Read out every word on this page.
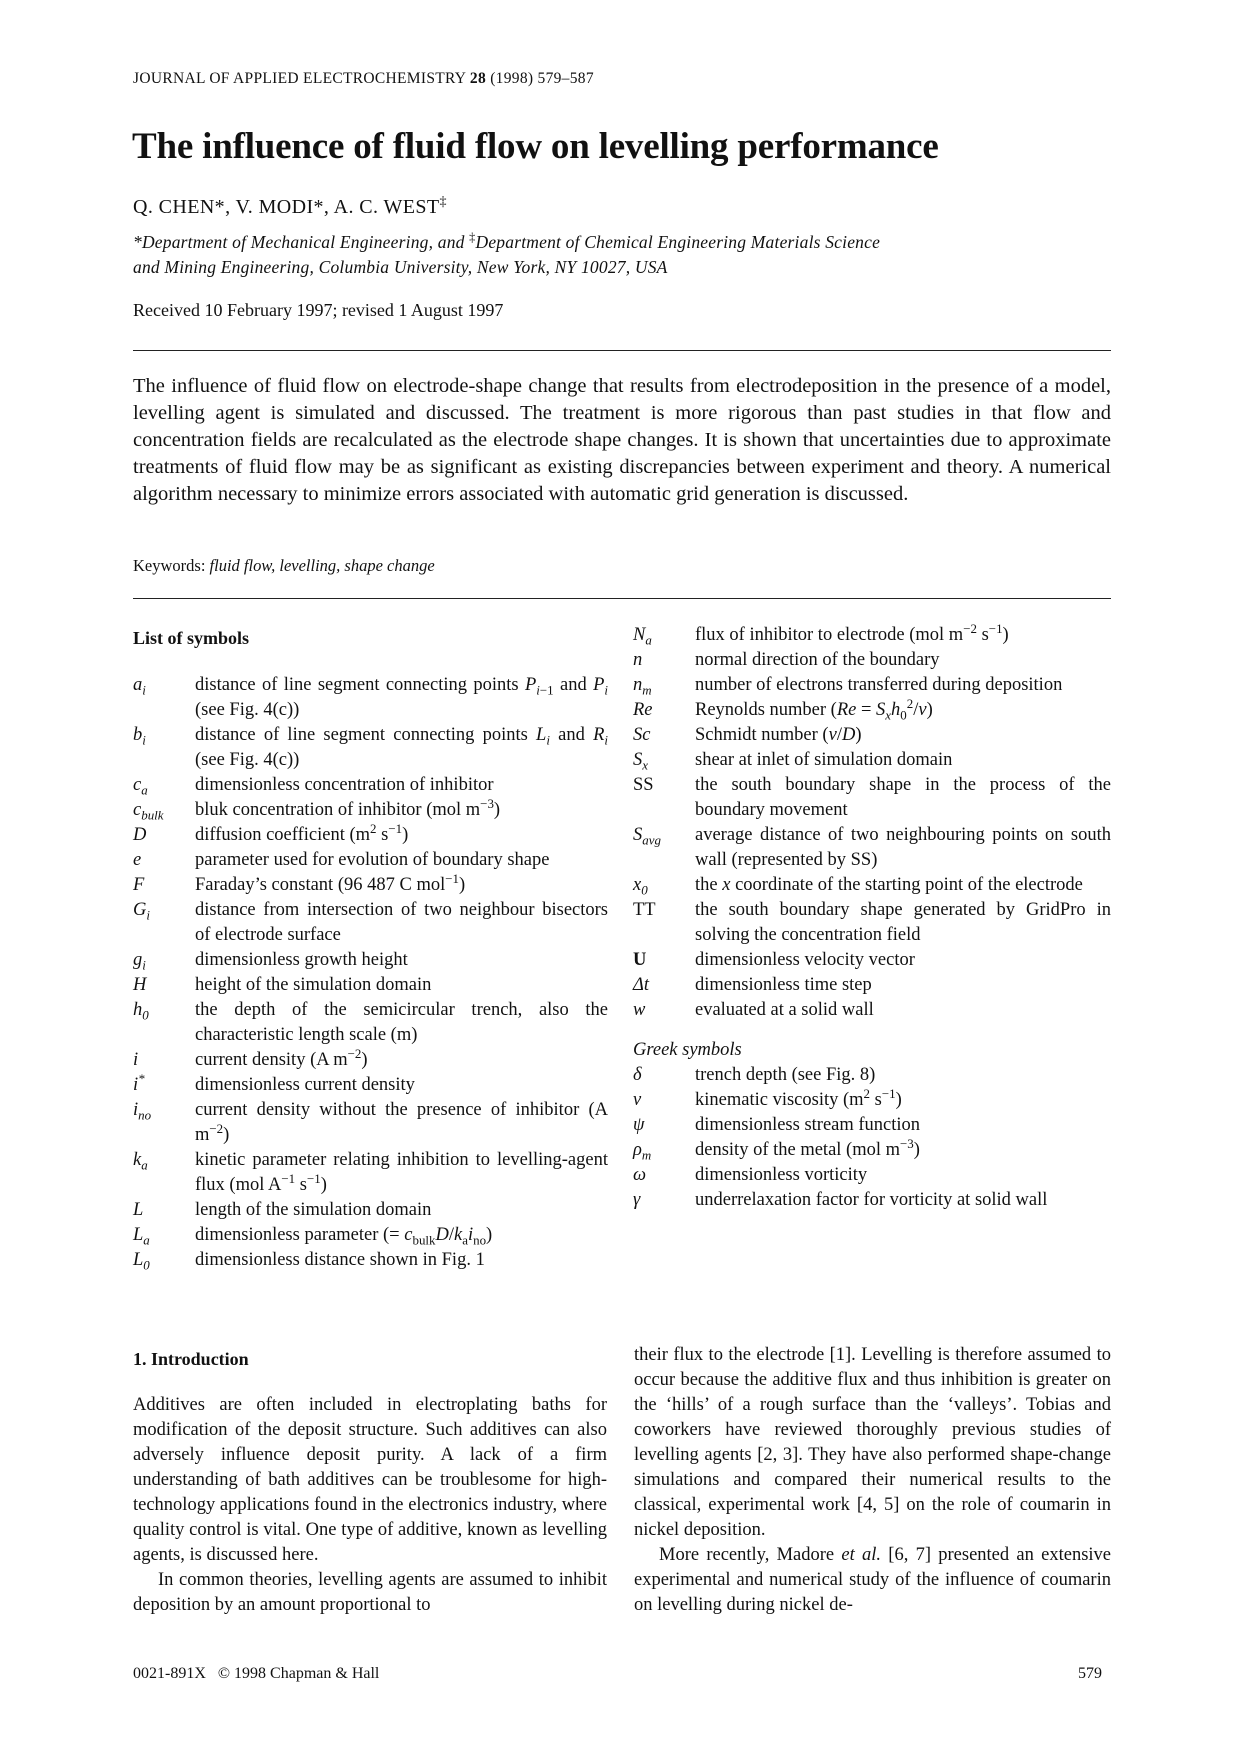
JOURNAL OF APPLIED ELECTROCHEMISTRY 28 (1998) 579–587
The influence of fluid flow on levelling performance
Q. CHEN*, V. MODI*, A. C. WEST‡
*Department of Mechanical Engineering, and ‡Department of Chemical Engineering Materials Science
and Mining Engineering, Columbia University, New York, NY 10027, USA
Received 10 February 1997; revised 1 August 1997

The influence of fluid flow on electrode-shape change that results from electrodeposition in the presence of a model, levelling agent is simulated and discussed. The treatment is more rigorous than past studies in that flow and concentration fields are recalculated as the electrode shape changes. It is shown that uncertainties due to approximate treatments of fluid flow may be as significant as existing discrepancies between experiment and theory. A numerical algorithm necessary to minimize errors associated with automatic grid generation is discussed.

Keywords: fluid flow, levelling, shape change
List of symbols
$a_i$	distance of line segment connecting points $P_{i-1}$ and $P_i$ (see Fig. 4(c))
$b_i$	distance of line segment connecting points $L_i$ and $R_i$ (see Fig. 4(c))
$c_a$	dimensionless concentration of inhibitor
$c_{bulk}$	bluk concentration of inhibitor (mol $m^{-3}$)
D	diffusion coefficient ($m^2$ $s^{-1}$)
e	parameter used for evolution of boundary shape
F	Faraday’s constant (96 487 C mol$^{-1}$)
$G_i$	distance from intersection of two neighbour bisectors of electrode surface
$g_i$	dimensionless growth height
H	height of the simulation domain
$h_0$	the depth of the semicircular trench, also the characteristic length scale (m)
i	current density (A $m^{-2}$)
i*	dimensionless current density
$i_{no}$	current density without the presence of inhibitor (A $m^{-2}$)
$k_a$	kinetic parameter relating inhibition to levelling-agent flux (mol $A^{-1}$ $s^{-1}$)
L	length of the simulation domain
$L_a$	dimensionless parameter (= $c_{bulk}D/k_ai_{no}$)
$L_0$	dimensionless distance shown in Fig. 1
$N_a$	flux of inhibitor to electrode (mol $m^{-2}$ $s^{-1}$)
n	normal direction of the boundary
$n_m$	number of electrons transferred during deposition
Re	Reynolds number $(Re = S_xh_0^2/v)$
Sc	Schmidt number (v/D)
$S_x$	shear at inlet of simulation domain
SS	the south boundary shape in the process of the boundary movement
$S_{avg}$	average distance of two neighbouring points on south wall (represented by SS)
$x_0$	the x coordinate of the starting point of the electrode
TT	the south boundary shape generated by GridPro in solving the concentration field
U	dimensionless velocity vector
Δt	dimensionless time step
w	evaluated at a solid wall
Greek symbols
δ	trench depth (see Fig. 8)
v	kinematic viscosity ($m^2$ $s^{-1}$)
ψ	dimensionless stream function
$\rho_m$	density of the metal (mol $m^{-3}$)
ω	dimensionless vorticity
γ	underrelaxation factor for vorticity at solid wall
1. Introduction

Additives are often included in electroplating baths for modification of the deposit structure. Such additives can also adversely influence deposit purity. A lack of a firm understanding of bath additives can be troublesome for high-technology applications found in the electronics industry, where quality control is vital. One type of additive, known as levelling agents, is discussed here.

In common theories, levelling agents are assumed to inhibit deposition by an amount proportional to

their flux to the electrode [1]. Levelling is therefore assumed to occur because the additive flux and thus inhibition is greater on the ‘hills’ of a rough surface than the ‘valleys’. Tobias and coworkers have reviewed thoroughly previous studies of levelling agents [2, 3]. They have also performed shape-change simulations and compared their numerical results to the classical, experimental work [4, 5] on the role of coumarin in nickel deposition.

More recently, Madore et al. [6, 7] presented an extensive experimental and numerical study of the influence of coumarin on levelling during nickel de-

0021-891X © 1998 Chapman & Hall	579
